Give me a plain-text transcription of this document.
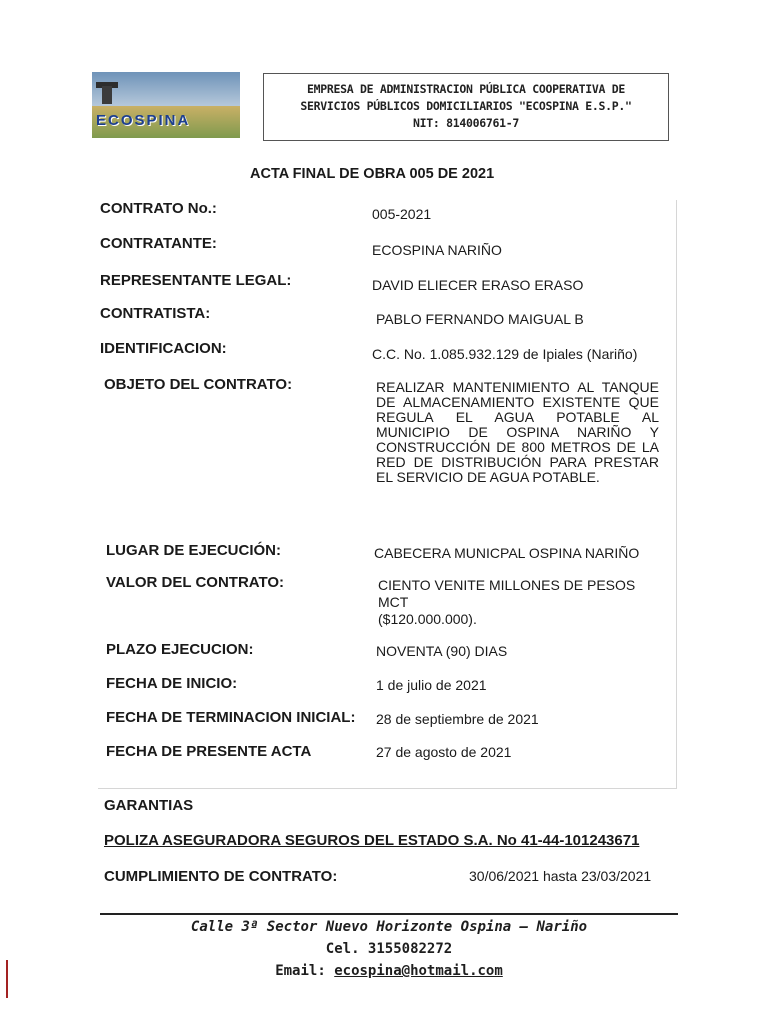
ECOSPINA
EMPRESA DE ADMINISTRACION PÚBLICA COOPERATIVA DE
SERVICIOS PÚBLICOS DOMICILIARIOS "ECOSPINA E.S.P."
NIT: 814006761-7
ACTA FINAL DE OBRA 005 DE 2021
CONTRATO No.:	005-2021
CONTRATANTE:	ECOSPINA NARIÑO
REPRESENTANTE LEGAL:	DAVID ELIECER ERASO ERASO
CONTRATISTA:	PABLO FERNANDO MAIGUAL B
IDENTIFICACION:	C.C. No. 1.085.932.129 de Ipiales (Nariño)
OBJETO DEL CONTRATO:	REALIZAR MANTENIMIENTO AL TANQUE DE ALMACENAMIENTO EXISTENTE QUE REGULA EL AGUA POTABLE AL MUNICIPIO DE OSPINA NARIÑO Y CONSTRUCCIÓN DE 800 METROS DE LA RED DE DISTRIBUCIÓN PARA PRESTAR EL SERVICIO DE AGUA POTABLE.
LUGAR DE EJECUCIÓN:	CABECERA MUNICPAL OSPINA NARIÑO
VALOR DEL CONTRATO:	CIENTO VENITE MILLONES DE PESOS MCT
($120.000.000).
PLAZO EJECUCION:	NOVENTA (90) DIAS
FECHA DE INICIO:	1 de julio de 2021
FECHA DE TERMINACION INICIAL: 28 de septiembre de 2021
FECHA DE PRESENTE ACTA	27 de agosto de 2021
GARANTIAS
POLIZA ASEGURADORA SEGUROS DEL ESTADO S.A. No 41-44-101243671
CUMPLIMIENTO DE CONTRATO:	30/06/2021 hasta 23/03/2021
Calle 3ª Sector Nuevo Horizonte Ospina – Nariño
Cel. 3155082272
Email: ecospina@hotmail.com
